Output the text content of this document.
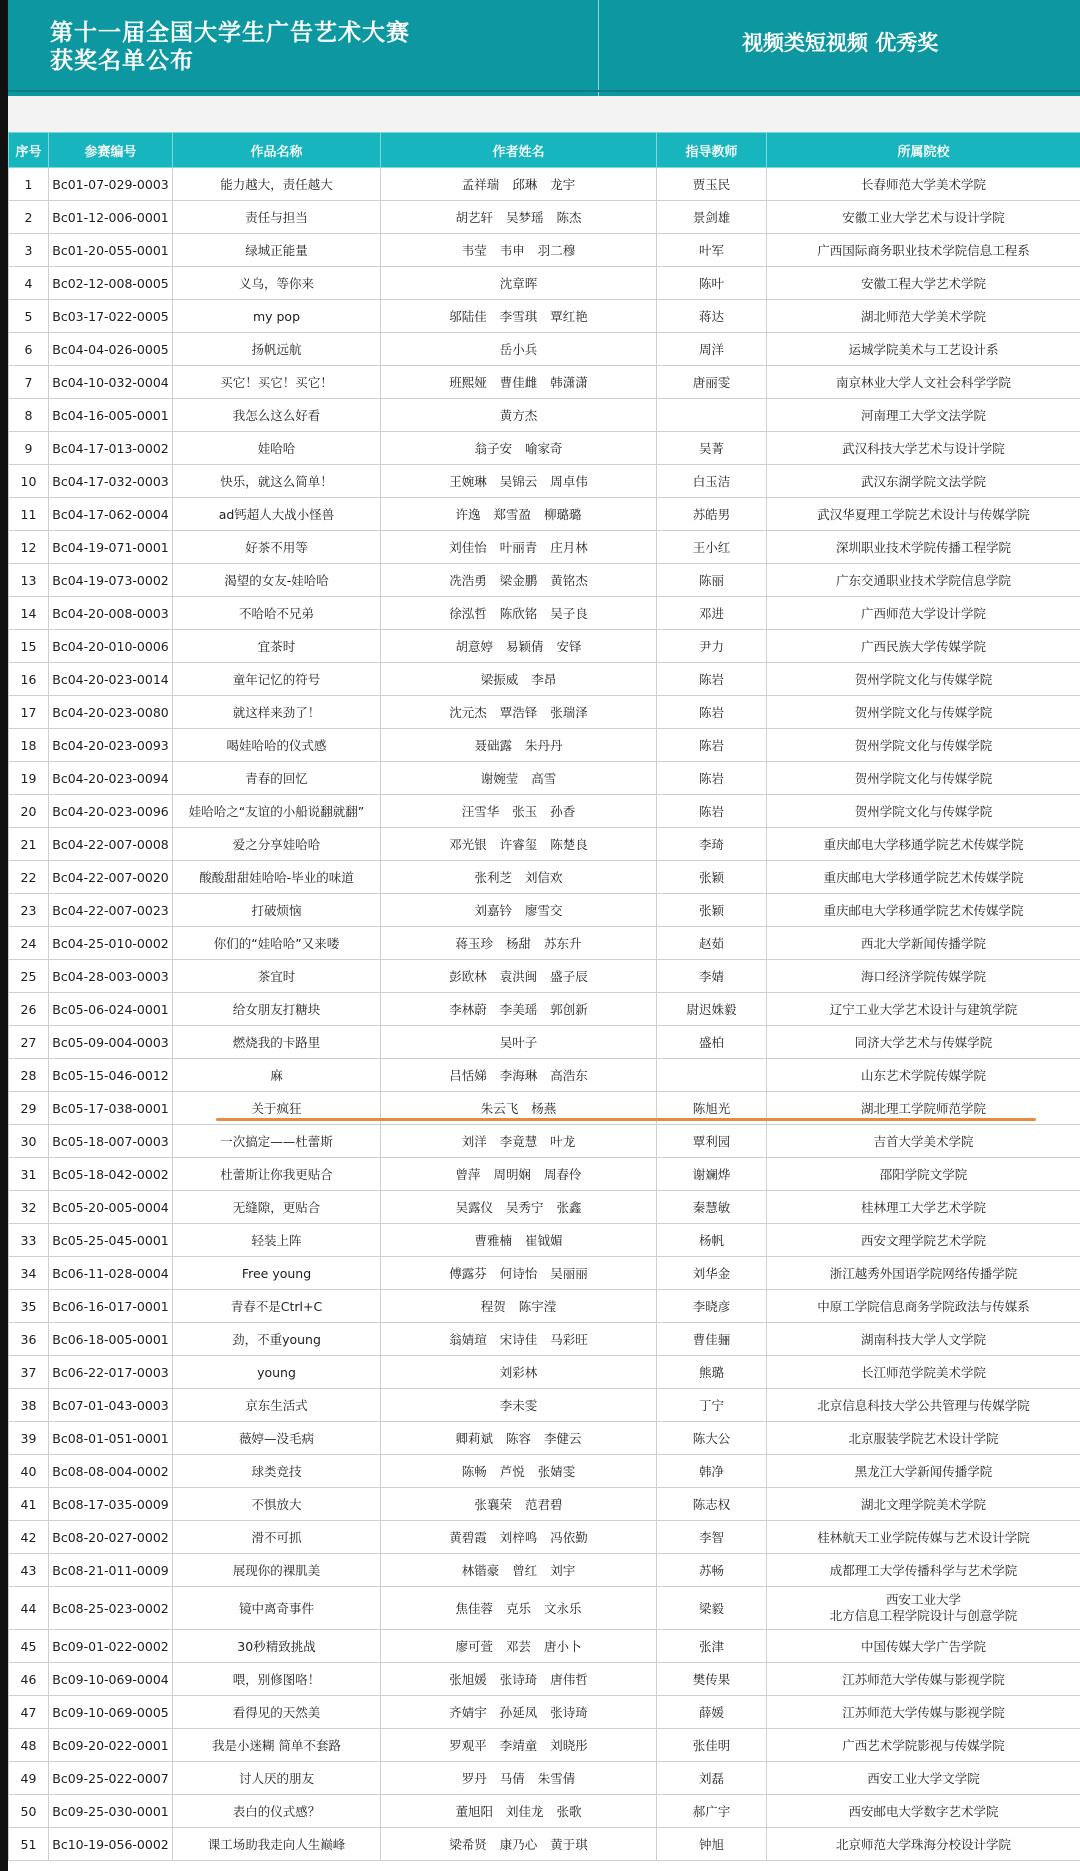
第十一届全国大学生广告艺术大赛
获奖名单公布
视频类短视频 优秀奖
序号	参赛编号	作品名称	作者姓名	指导教师	所属院校
1	Bc01-07-029-0003	能力越大，责任越大	孟祥瑞 邱琳 龙宇	贾玉民	长春师范大学美术学院
2	Bc01-12-006-0001	责任与担当	胡艺轩 吴梦瑶 陈杰	景剑雄	安徽工业大学艺术与设计学院
3	Bc01-20-055-0001	绿城正能量	韦莹 韦申 羽二穆	叶军	广西国际商务职业技术学院信息工程系
4	Bc02-12-008-0005	义乌，等你来	沈章晖	陈叶	安徽工程大学艺术学院
5	Bc03-17-022-0005	my pop	邬陆佳 李雪琪 覃红艳	蒋达	湖北师范大学美术学院
6	Bc04-04-026-0005	扬帆远航	岳小兵	周洋	运城学院美术与工艺设计系
7	Bc04-10-032-0004	买它！买它！买它！	班熙娅 曹佳雌 韩潇潇	唐丽雯	南京林业大学人文社会科学学院
8	Bc04-16-005-0001	我怎么这么好看	黄方杰		河南理工大学文法学院
9	Bc04-17-013-0002	娃哈哈	翁子安 喻家奇	吴菁	武汉科技大学艺术与设计学院
10	Bc04-17-032-0003	快乐，就这么简单！	王婉琳 吴锦云 周卓伟	白玉洁	武汉东湖学院文法学院
11	Bc04-17-062-0004	ad钙超人大战小怪兽	许逸 郑雪盈 柳璐璐	苏皓男	武汉华夏理工学院艺术设计与传媒学院
12	Bc04-19-071-0001	好茶不用等	刘佳怡 叶丽青 庄月林	王小红	深圳职业技术学院传播工程学院
13	Bc04-19-073-0002	渴望的女友-娃哈哈	冼浩勇 梁金鹏 黄铭杰	陈丽	广东交通职业技术学院信息学院
14	Bc04-20-008-0003	不哈哈不兄弟	徐泓哲 陈欣铭 吴子良	邓进	广西师范大学设计学院
15	Bc04-20-010-0006	宜茶时	胡意婷 易颖倩 安铎	尹力	广西民族大学传媒学院
16	Bc04-20-023-0014	童年记忆的符号	梁振威 李昂	陈岩	贺州学院文化与传媒学院
17	Bc04-20-023-0080	就这样来劲了！	沈元杰 覃浩铎 张瑞泽	陈岩	贺州学院文化与传媒学院
18	Bc04-20-023-0093	喝娃哈哈的仪式感	聂础露 朱丹丹	陈岩	贺州学院文化与传媒学院
19	Bc04-20-023-0094	青春的回忆	谢婉莹 高雪	陈岩	贺州学院文化与传媒学院
20	Bc04-20-023-0096	娃哈哈之“友谊的小船说翻就翻”	汪雪华 张玉 孙香	陈岩	贺州学院文化与传媒学院
21	Bc04-22-007-0008	爱之分享娃哈哈	邓光银 许睿玺 陈楚良	李琦	重庆邮电大学移通学院艺术传媒学院
22	Bc04-22-007-0020	酸酸甜甜娃哈哈-毕业的味道	张利芝 刘信欢	张颖	重庆邮电大学移通学院艺术传媒学院
23	Bc04-22-007-0023	打破烦恼	刘嘉钤 廖雪交	张颖	重庆邮电大学移通学院艺术传媒学院
24	Bc04-25-010-0002	你们的“娃哈哈”又来喽	蒋玉珍 杨甜 苏东升	赵茹	西北大学新闻传播学院
25	Bc04-28-003-0003	茶宜时	彭欧林 袁洪闽 盛子辰	李婧	海口经济学院传媒学院
26	Bc05-06-024-0001	给女朋友打糖块	李林蔚 李美瑶 郭创新	尉迟姝毅	辽宁工业大学艺术设计与建筑学院
27	Bc05-09-004-0003	燃烧我的卡路里	吴叶子	盛柏	同济大学艺术与传媒学院
28	Bc05-15-046-0012	麻	吕恬娣 李海琳 高浩东		山东艺术学院传媒学院
29	Bc05-17-038-0001	关于疯狂	朱云飞 杨燕	陈旭光	湖北理工学院师范学院
30	Bc05-18-007-0003	一次搞定——杜蕾斯	刘洋 李竟慧 叶龙	覃利园	吉首大学美术学院
31	Bc05-18-042-0002	杜蕾斯让你我更贴合	曾萍 周明娴 周春伶	谢斓烨	邵阳学院文学院
32	Bc05-20-005-0004	无缝隙，更贴合	吴露仪 吴秀宁 张鑫	秦慧敏	桂林理工大学艺术学院
33	Bc05-25-045-0001	轻装上阵	曹雅楠 崔钺媚	杨帆	西安文理学院艺术学院
34	Bc06-11-028-0004	Free young	傅露芬 何诗怡 吴丽丽	刘华金	浙江越秀外国语学院网络传播学院
35	Bc06-16-017-0001	青春不是Ctrl+C	程贺 陈宇滢	李晓彦	中原工学院信息商务学院政法与传媒系
36	Bc06-18-005-0001	劲，不重young	翁婧瑄 宋诗佳 马彩旺	曹佳骊	湖南科技大学人文学院
37	Bc06-22-017-0003	young	刘彩林	熊璐	长江师范学院美术学院
38	Bc07-01-043-0003	京东生活式	李未雯	丁宁	北京信息科技大学公共管理与传媒学院
39	Bc08-01-051-0001	薇婷—没毛病	卿莉斌 陈容 李健云	陈大公	北京服装学院艺术设计学院
40	Bc08-08-004-0002	球类竞技	陈畅 芦悦 张婧雯	韩净	黑龙江大学新闻传播学院
41	Bc08-17-035-0009	不惧放大	张襄荣 范君碧	陈志权	湖北文理学院美术学院
42	Bc08-20-027-0002	滑不可抓	黄碧霞 刘梓鸣 冯依勤	李智	桂林航天工业学院传媒与艺术设计学院
43	Bc08-21-011-0009	展现你的裸肌美	林锴豪 曾红 刘宇	苏畅	成都理工大学传播科学与艺术学院
44	Bc08-25-023-0002	镜中离奇事件	焦佳蓉 克乐 文永乐	梁毅	西安工业大学
北方信息工程学院设计与创意学院
45	Bc09-01-022-0002	30秒精致挑战	廖可萱 邓芸 唐小卜	张津	中国传媒大学广告学院
46	Bc09-10-069-0004	喂，别修图咯！	张旭媛 张诗琦 唐伟哲	樊传果	江苏师范大学传媒与影视学院
47	Bc09-10-069-0005	看得见的天然美	齐婧宇 孙延凤 张诗琦	薛媛	江苏师范大学传媒与影视学院
48	Bc09-20-022-0001	我是小迷糊 简单不套路	罗观平 李靖童 刘晓彤	张佳明	广西艺术学院影视与传媒学院
49	Bc09-25-022-0007	讨人厌的朋友	罗丹 马倩 朱雪倩	刘磊	西安工业大学文学院
50	Bc09-25-030-0001	表白的仪式感？	董旭阳 刘佳龙 张歌	郝广宇	西安邮电大学数字艺术学院
51	Bc10-19-056-0002	课工场助我走向人生巅峰	梁希贤 康乃心 黄于琪	钟旭	北京师范大学珠海分校设计学院
